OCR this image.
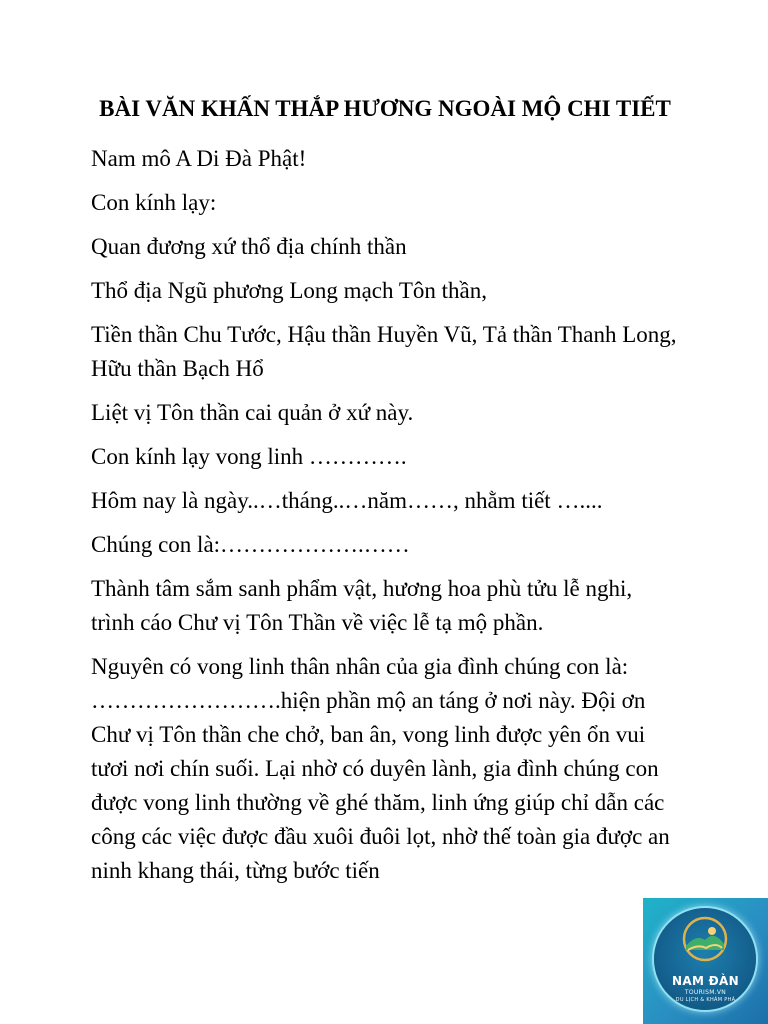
BÀI VĂN KHẤN THẮP HƯƠNG NGOÀI MỘ CHI TIẾT

Nam mô A Di Đà Phật!

Con kính lạy:

Quan đương xứ thổ địa chính thần

Thổ địa Ngũ phương Long mạch Tôn thần,

Tiền thần Chu Tước, Hậu thần Huyền Vũ, Tả thần Thanh Long, Hữu thần Bạch Hổ

Liệt vị Tôn thần cai quản ở xứ này.

Con kính lạy vong linh ………….

Hôm nay là ngày..…tháng..…năm……, nhằm tiết …....

Chúng con là:……………….……

Thành tâm sắm sanh phẩm vật, hương hoa phù tửu lễ nghi, trình cáo Chư vị Tôn Thần về việc lễ tạ mộ phần.

Nguyên có vong linh thân nhân của gia đình chúng con là: …………………….hiện phần mộ an táng ở nơi này. Đội ơn Chư vị Tôn thần che chở, ban ân, vong linh được yên ổn vui tươi nơi chín suối. Lại nhờ có duyên lành, gia đình chúng con được vong linh thường về ghé thăm, linh ứng giúp chỉ dẫn các công các việc được đầu xuôi đuôi lọt, nhờ thế toàn gia được an ninh khang thái, từng bước tiến

NAM ĐÀN
TOURISM.VN
DU LỊCH & KHÁM PHÁ
